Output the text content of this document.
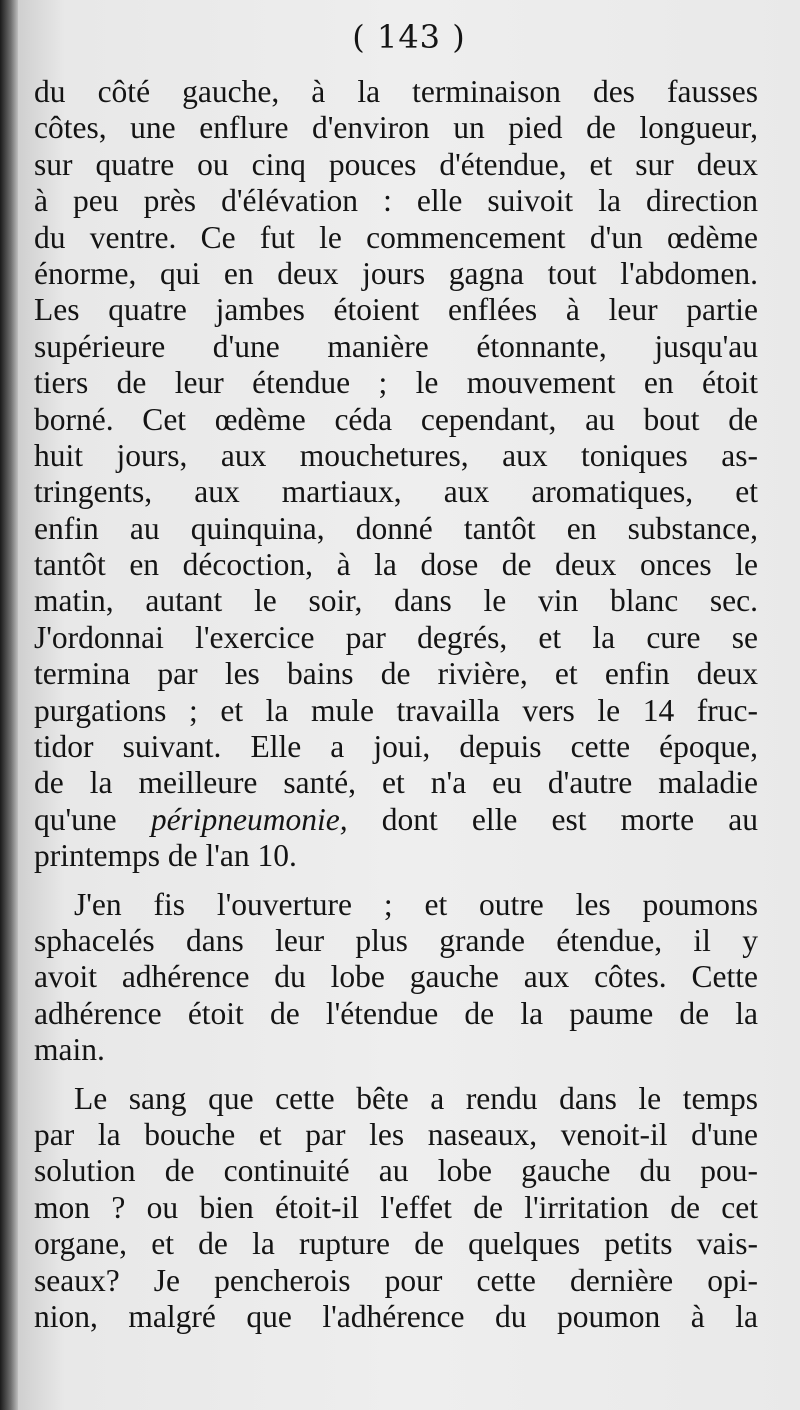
( 143 )
du côté gauche, à la terminaison des fausses
côtes, une enflure d'environ un pied de longueur,
sur quatre ou cinq pouces d'étendue, et sur deux
à peu près d'élévation : elle suivoit la direction
du ventre. Ce fut le commencement d'un œdème
énorme, qui en deux jours gagna tout l'abdomen.
Les quatre jambes étoient enflées à leur partie
supérieure d'une manière étonnante, jusqu'au
tiers de leur étendue ; le mouvement en étoit
borné. Cet œdème céda cependant, au bout de
huit jours, aux mouchetures, aux toniques as-
tringents, aux martiaux, aux aromatiques, et
enfin au quinquina, donné tantôt en substance,
tantôt en décoction, à la dose de deux onces le
matin, autant le soir, dans le vin blanc sec.
J'ordonnai l'exercice par degrés, et la cure se
termina par les bains de rivière, et enfin deux
purgations ; et la mule travailla vers le 14 fruc-
tidor suivant. Elle a joui, depuis cette époque,
de la meilleure santé, et n'a eu d'autre maladie
qu'une péripneumonie, dont elle est morte au
printemps de l'an 10.
J'en fis l'ouverture ; et outre les poumons
sphacelés dans leur plus grande étendue, il y
avoit adhérence du lobe gauche aux côtes. Cette
adhérence étoit de l'étendue de la paume de la
main.
Le sang que cette bête a rendu dans le temps
par la bouche et par les naseaux, venoit-il d'une
solution de continuité au lobe gauche du pou-
mon ? ou bien étoit-il l'effet de l'irritation de cet
organe, et de la rupture de quelques petits vais-
seaux? Je pencherois pour cette dernière opi-
nion, malgré que l'adhérence du poumon à la
